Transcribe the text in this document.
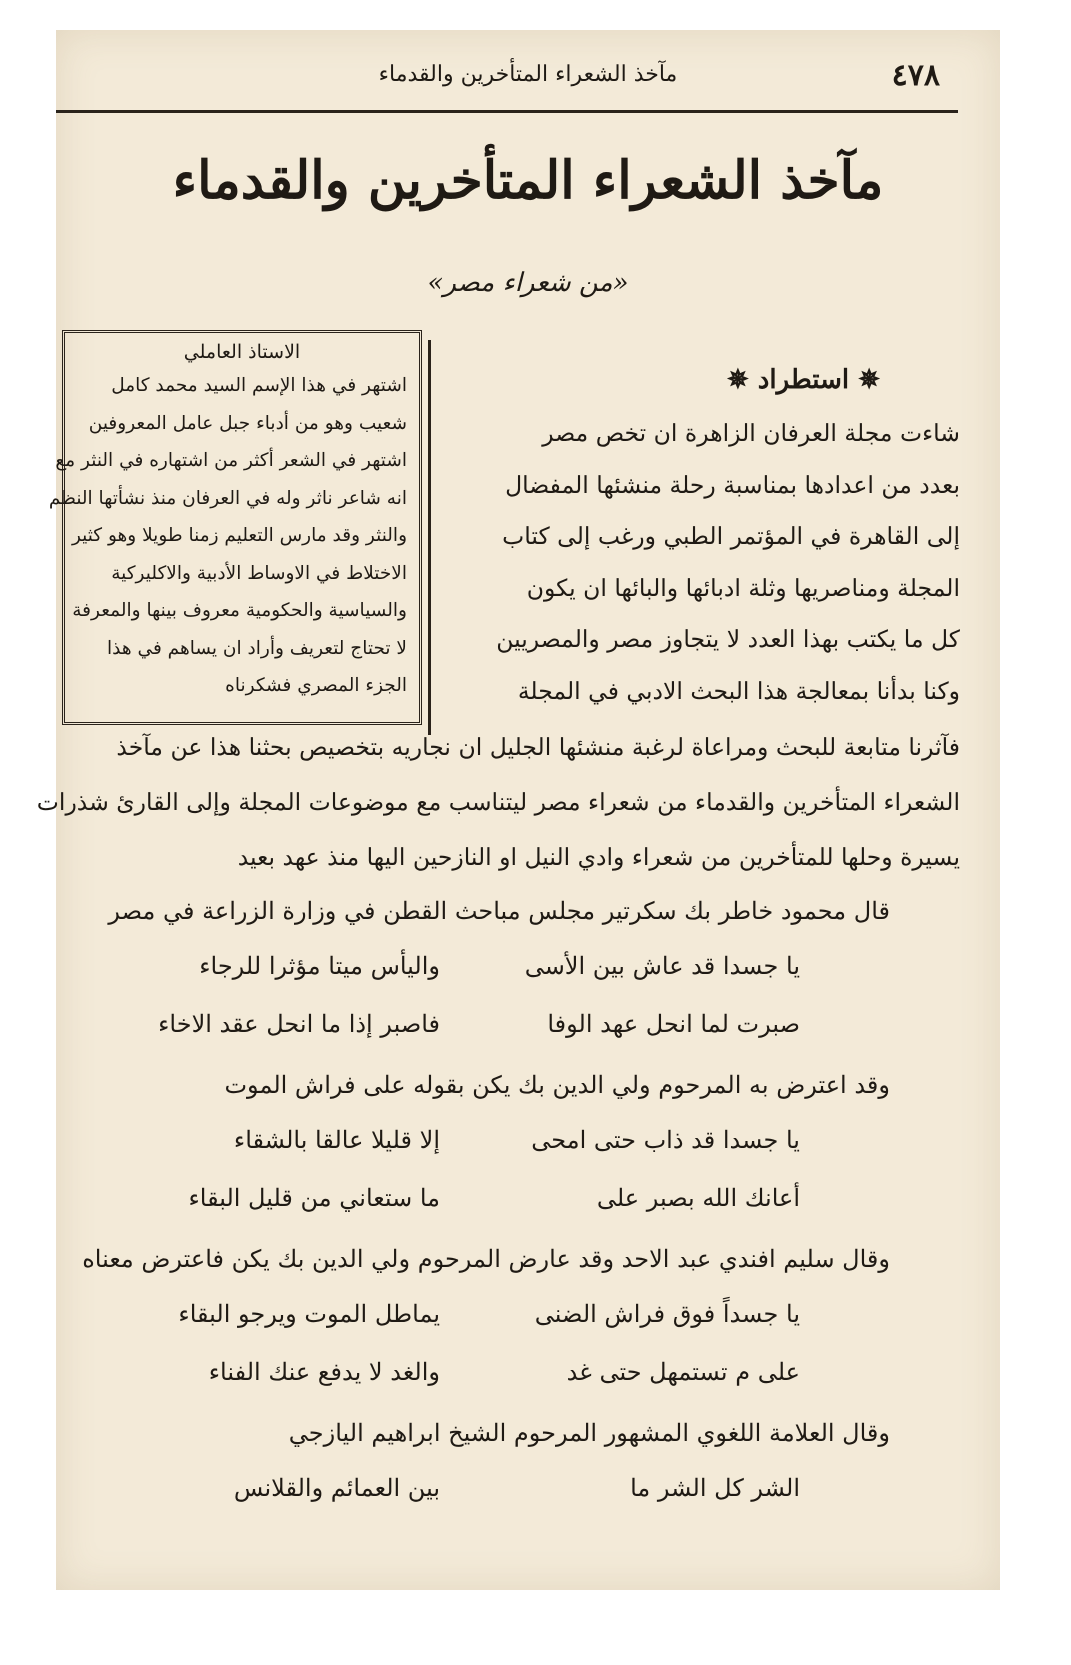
٤٧٨
مآخذ الشعراء المتأخرين والقدماء
مآخذ الشعراء المتأخرين والقدماء
«من شعراء مصر»
الاستاذ العاملي
اشتهر في هذا الإسم السيد محمد كامل
شعيب وهو من أدباء جبل عامل المعروفين
اشتهر في الشعر أكثر من اشتهاره في النثر مع
انه شاعر ناثر وله في العرفان منذ نشأتها النظم
والنثر وقد مارس التعليم زمنا طويلا وهو كثير
الاختلاط في الاوساط الأدبية والاكليركية
والسياسية والحكومية معروف بينها والمعرفة
لا تحتاج لتعريف وأراد ان يساهم في هذا
الجزء المصري فشكرناه
✵ استطراد ✵
شاءت مجلة العرفان الزاهرة ان تخص مصر
بعدد من اعدادها بمناسبة رحلة منشئها المفضال
إلى القاهرة في المؤتمر الطبي ورغب إلى كتاب
المجلة ومناصريها وثلة ادبائها والبائها ان يكون
كل ما يكتب بهذا العدد لا يتجاوز مصر والمصريين
وكنا بدأنا بمعالجة هذا البحث الادبي في المجلة
فآثرنا متابعة للبحث ومراعاة لرغبة منشئها الجليل ان نجاريه بتخصيص بحثنا هذا عن مآخذ
الشعراء المتأخرين والقدماء من شعراء مصر ليتناسب مع موضوعات المجلة وإلى القارئ شذرات
يسيرة وحلها للمتأخرين من شعراء وادي النيل او النازحين اليها منذ عهد بعيد
قال محمود خاطر بك سكرتير مجلس مباحث القطن في وزارة الزراعة في مصر
يا جسدا قد عاش بين الأسى
واليأس ميتا مؤثرا للرجاء
صبرت لما انحل عهد الوفا
فاصبر إذا ما انحل عقد الاخاء
وقد اعترض به المرحوم ولي الدين بك يكن بقوله على فراش الموت
يا جسدا قد ذاب حتى امحى
إلا قليلا عالقا بالشقاء
أعانك الله بصبر على
ما ستعاني من قليل البقاء
وقال سليم افندي عبد الاحد وقد عارض المرحوم ولي الدين بك يكن فاعترض معناه
يا جسداً فوق فراش الضنى
يماطل الموت ويرجو البقاء
على م تستمهل حتى غد
والغد لا يدفع عنك الفناء
وقال العلامة اللغوي المشهور المرحوم الشيخ ابراهيم اليازجي
الشر كل الشر ما
بين العمائم والقلانس
